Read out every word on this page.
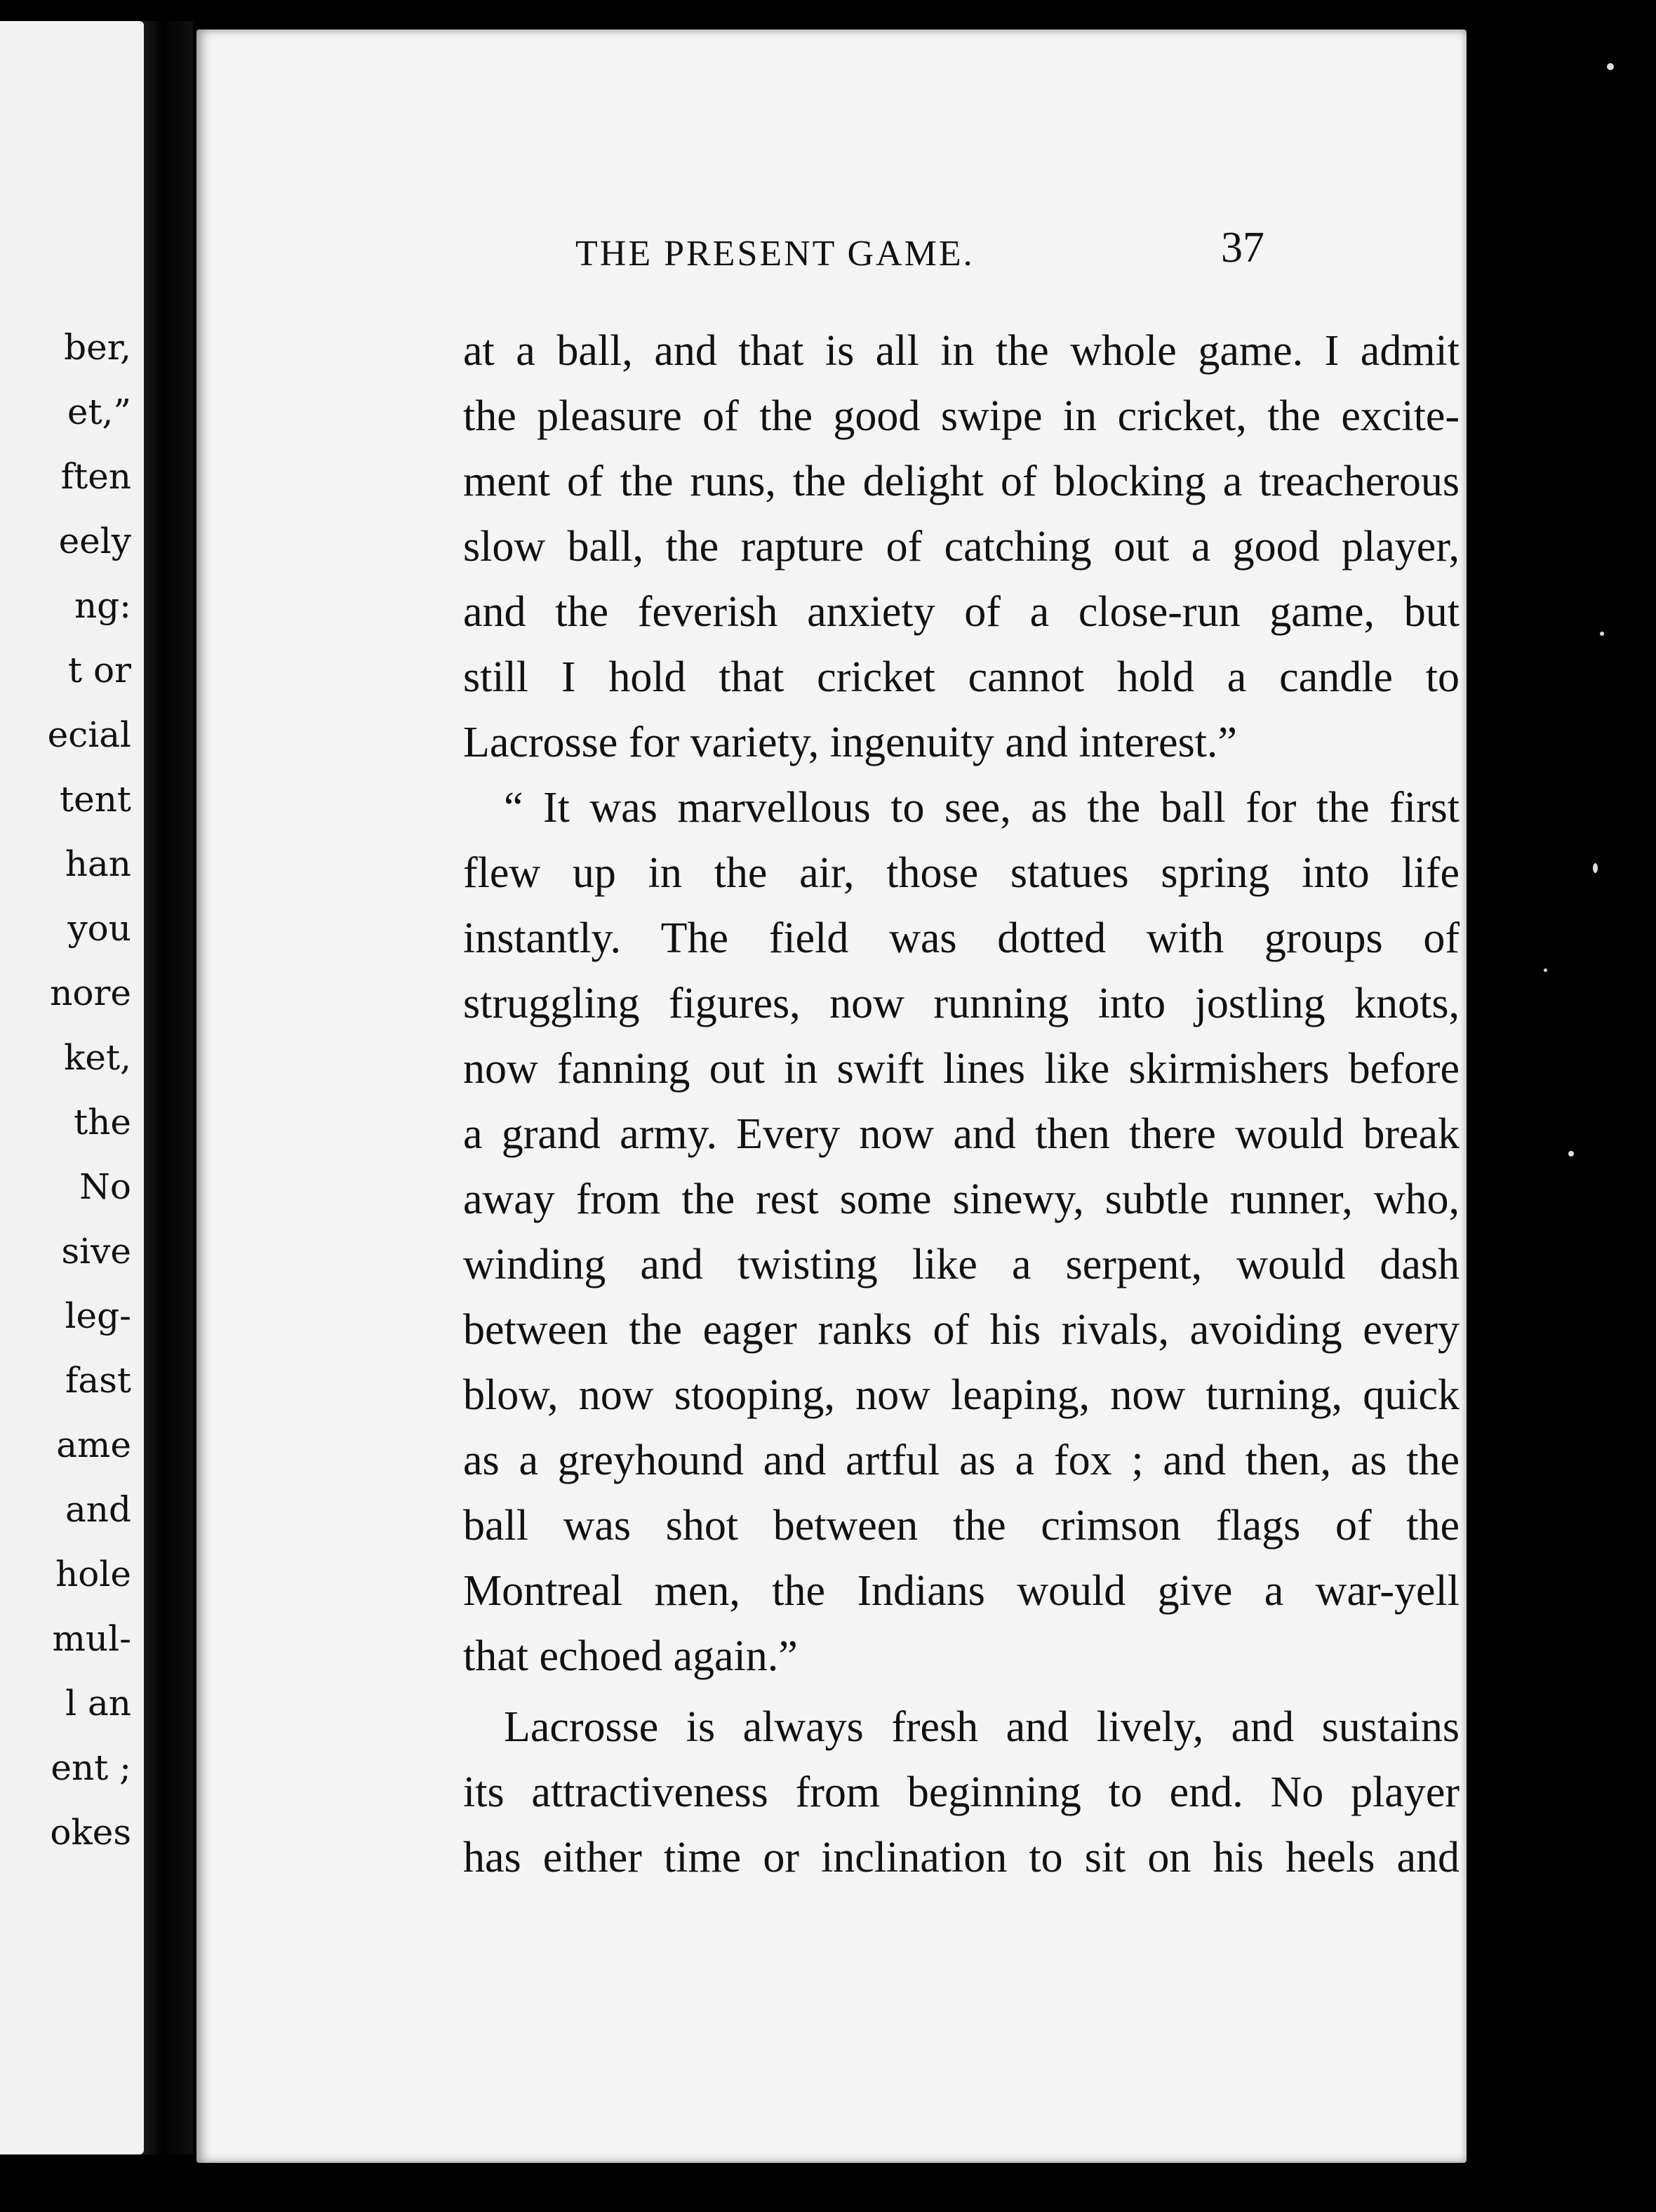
ber,
et,”
ften
eely
ng:
t or
ecial
tent
han
you
nore
ket,
the
No
sive
leg-
fast
ame
and
hole
mul-
l an
ent ;
okes
THE PRESENT GAME.	37
at a ball, and that is all in the whole game. I admit
the pleasure of the good swipe in cricket, the excite-
ment of the runs, the delight of blocking a treacherous
slow ball, the rapture of catching out a good player,
and the feverish anxiety of a close-run game, but
still I hold that cricket cannot hold a candle to
Lacrosse for variety, ingenuity and interest.”
“ It was marvellous to see, as the ball for the first
flew up in the air, those statues spring into life
instantly. The field was dotted with groups of
struggling figures, now running into jostling knots,
now fanning out in swift lines like skirmishers before
a grand army. Every now and then there would break
away from the rest some sinewy, subtle runner, who,
winding and twisting like a serpent, would dash
between the eager ranks of his rivals, avoiding every
blow, now stooping, now leaping, now turning, quick
as a greyhound and artful as a fox ; and then, as the
ball was shot between the crimson flags of the
Montreal men, the Indians would give a war-yell
that echoed again.”
Lacrosse is always fresh and lively, and sustains
its attractiveness from beginning to end. No player
has either time or inclination to sit on his heels and
